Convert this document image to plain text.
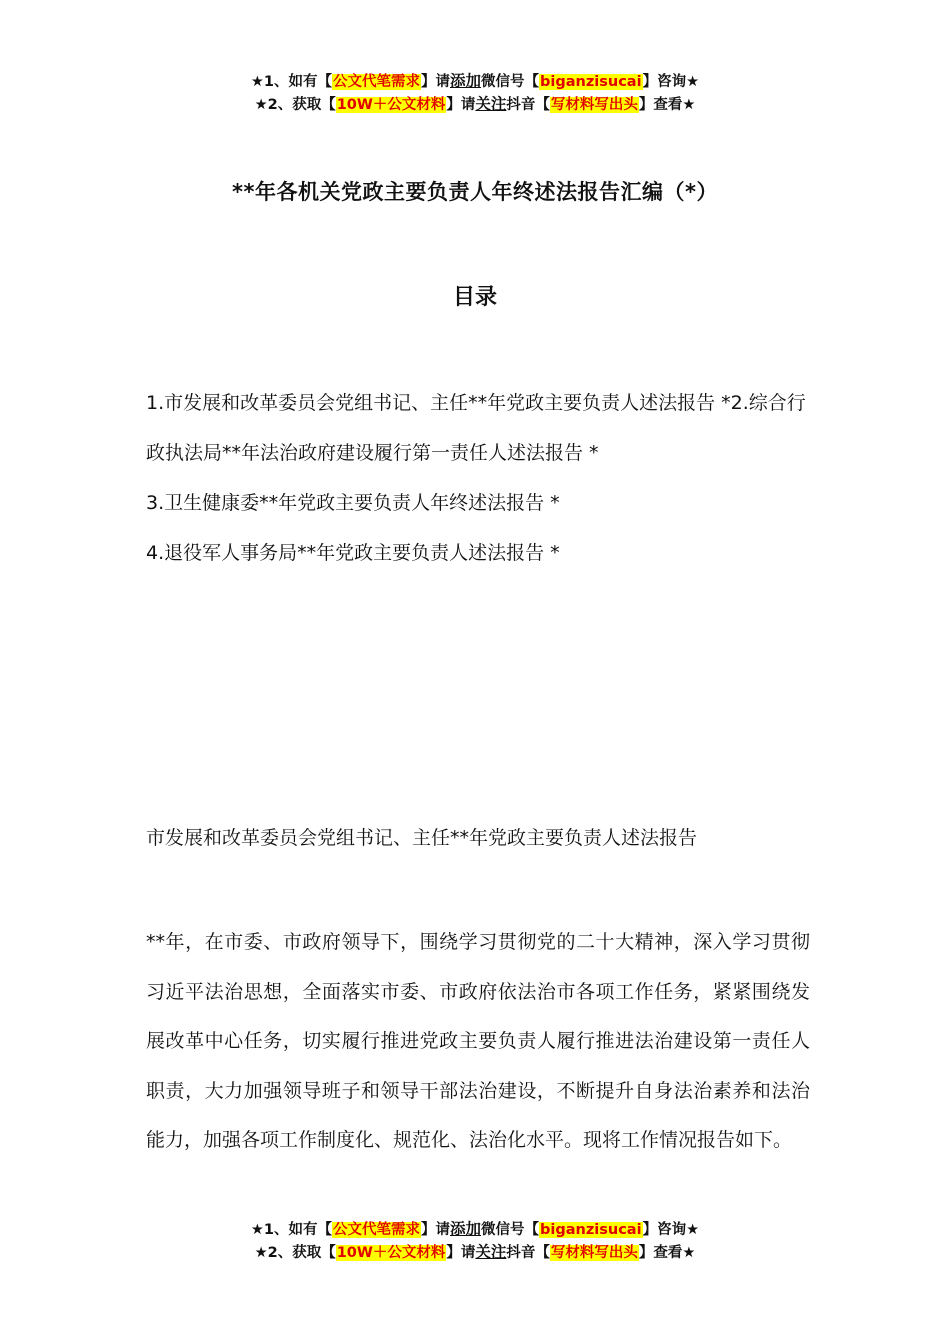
★1、如有【公文代笔需求】请添加微信号【biganzisucai】咨询★
★2、获取【10W＋公文材料】请关注抖音【写材料写出头】查看★
**年各机关党政主要负责人年终述法报告汇编（*）
目录

1.市发展和改革委员会党组书记、主任**年党政主要负责人述法报告 *2.综合行政执法局**年法治政府建设履行第一责任人述法报告 *

3.卫生健康委**年党政主要负责人年终述法报告 *

4.退役军人事务局**年党政主要负责人述法报告 *

市发展和改革委员会党组书记、主任**年党政主要负责人述法报告

**年，在市委、市政府领导下，围绕学习贯彻党的二十大精神，深入学习贯彻习近平法治思想，全面落实市委、市政府依法治市各项工作任务，紧紧围绕发展改革中心任务，切实履行推进党政主要负责人履行推进法治建设第一责任人职责，大力加强领导班子和领导干部法治建设，不断提升自身法治素养和法治能力，加强各项工作制度化、规范化、法治化水平。现将工作情况报告如下。

★1、如有【公文代笔需求】请添加微信号【biganzisucai】咨询★
★2、获取【10W＋公文材料】请关注抖音【写材料写出头】查看★
